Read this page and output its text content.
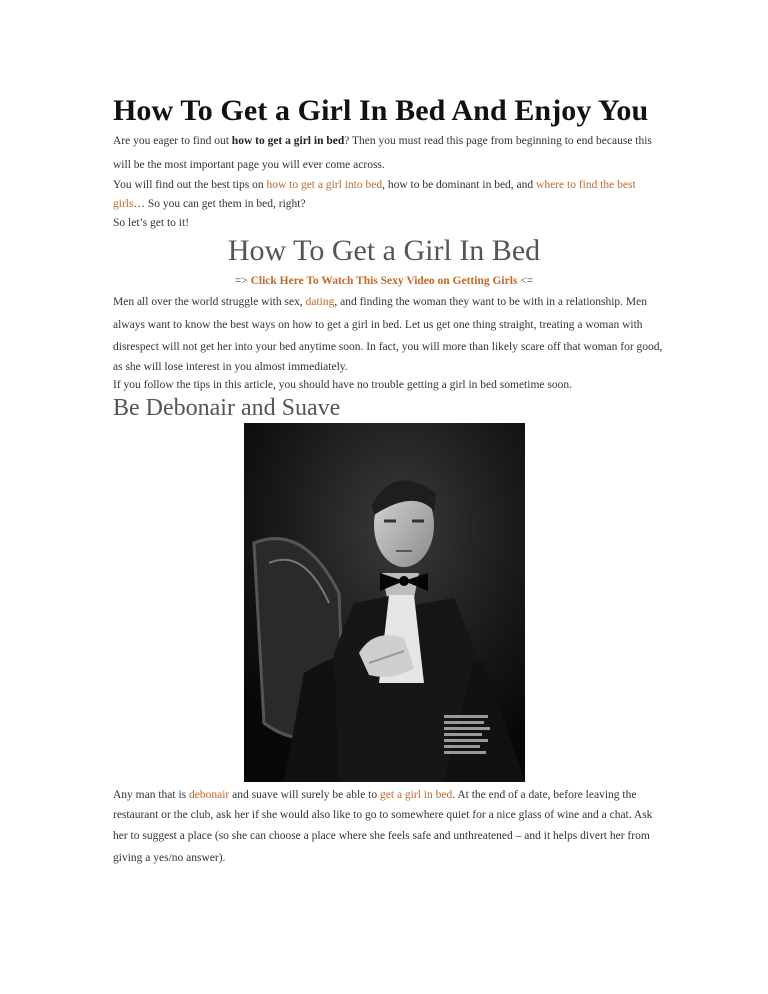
How To Get a Girl In Bed And Enjoy You
Are you eager to find out how to get a girl in bed? Then you must read this page from beginning to end because this
will be the most important page you will ever come across.
You will find out the best tips on how to get a girl into bed, how to be dominant in bed, and where to find the best
girls… So you can get them in bed, right?
So let’s get to it!
How To Get a Girl In Bed
=> Click Here To Watch This Sexy Video on Getting Girls <=
Men all over the world struggle with sex, dating, and finding the woman they want to be with in a relationship. Men
always want to know the best ways on how to get a girl in bed. Let us get one thing straight, treating a woman with
disrespect will not get her into your bed anytime soon. In fact, you will more than likely scare off that woman for good,
as she will lose interest in you almost immediately.
If you follow the tips in this article, you should have no trouble getting a girl in bed sometime soon.
Be Debonair and Suave
Any man that is debonair and suave will surely be able to get a girl in bed. At the end of a date, before leaving the
restaurant or the club, ask her if she would also like to go to somewhere quiet for a nice glass of wine and a chat. Ask
her to suggest a place (so she can choose a place where she feels safe and unthreatened – and it helps divert her from
giving a yes/no answer).
